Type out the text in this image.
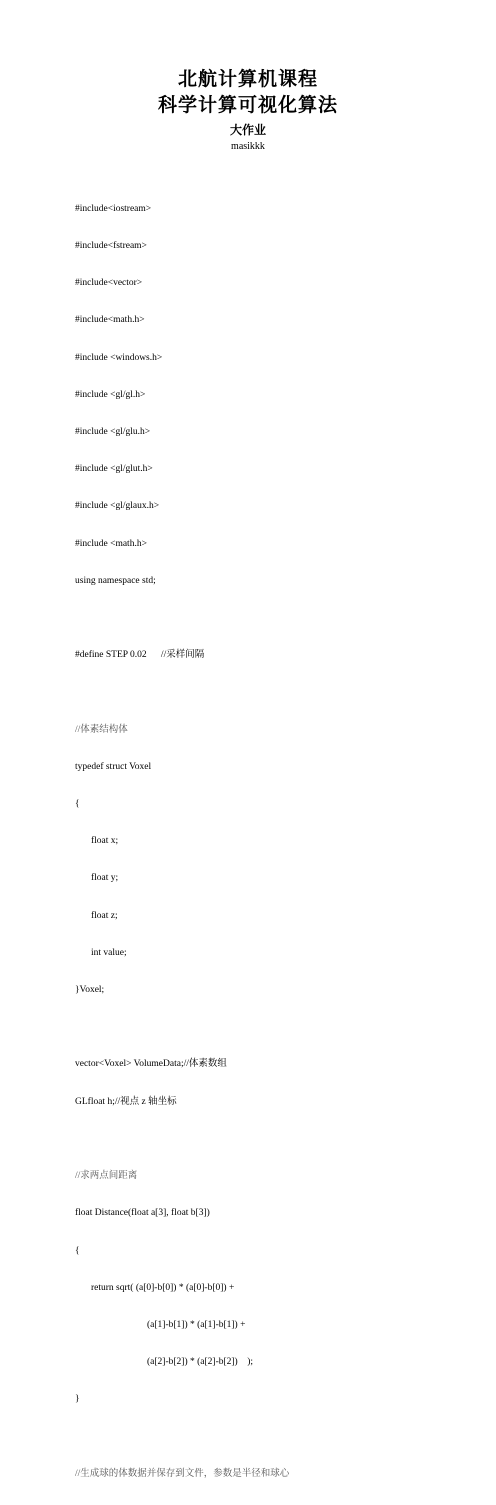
北航计算机课程
科学计算可视化算法
大作业
masikkk

#include<iostream>

#include<fstream>

#include<vector>

#include<math.h>

#include <windows.h>

#include <gl/gl.h>

#include <gl/glu.h>

#include <gl/glut.h>

#include <gl/glaux.h>

#include <math.h>

using namespace std;

#define STEP 0.02      //采样间隔

//体素结构体

typedef struct Voxel

{

float x;

float y;

float z;

int value;

}Voxel;

vector<Voxel> VolumeData;//体素数组

GLfloat h;//视点 z 轴坐标

//求两点间距离

float Distance(float a[3], float b[3])

{

return sqrt( (a[0]-b[0]) * (a[0]-b[0]) +

(a[1]-b[1]) * (a[1]-b[1]) +

(a[2]-b[2]) * (a[2]-b[2])    );

}

//生成球的体数据并保存到文件，参数是半径和球心
